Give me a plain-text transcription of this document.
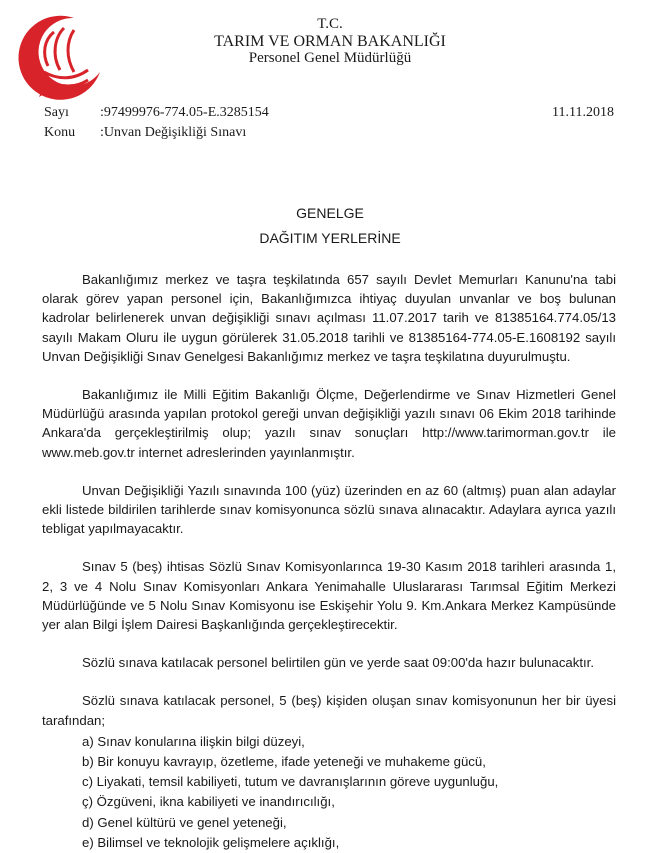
T.C.
TARIM VE ORMAN BAKANLIĞI
Personel Genel Müdürlüğü
Sayı	:97499976-774.05-E.3285154	11.11.2018
Konu	:Unvan Değişikliği Sınavı
GENELGE
DAĞITIM YERLERİNE

Bakanlığımız merkez ve taşra teşkilatında 657 sayılı Devlet Memurları Kanunu'na tabi olarak görev yapan personel için, Bakanlığımızca ihtiyaç duyulan unvanlar ve boş bulunan kadrolar belirlenerek unvan değişikliği sınavı açılması 11.07.2017 tarih ve 81385164.774.05/13 sayılı Makam Oluru ile uygun görülerek 31.05.2018 tarihli ve 81385164-774.05-E.1608192 sayılı Unvan Değişikliği Sınav Genelgesi Bakanlığımız merkez ve taşra teşkilatına duyurulmuştu.

Bakanlığımız ile Milli Eğitim Bakanlığı Ölçme, Değerlendirme ve Sınav Hizmetleri Genel Müdürlüğü arasında yapılan protokol gereği unvan değişikliği yazılı sınavı 06 Ekim 2018 tarihinde Ankara'da gerçekleştirilmiş olup; yazılı sınav sonuçları http://www.tarimorman.gov.tr ile www.meb.gov.tr internet adreslerinden yayınlanmıştır.

Unvan Değişikliği Yazılı sınavında 100 (yüz) üzerinden en az 60 (altmış) puan alan adaylar ekli listede bildirilen tarihlerde sınav komisyonunca sözlü sınava alınacaktır. Adaylara ayrıca yazılı tebligat yapılmayacaktır.

Sınav 5 (beş) ihtisas Sözlü Sınav Komisyonlarınca 19-30 Kasım 2018 tarihleri arasında 1, 2, 3 ve 4 Nolu Sınav Komisyonları Ankara Yenimahalle Uluslararası Tarımsal Eğitim Merkezi Müdürlüğünde ve 5 Nolu Sınav Komisyonu ise Eskişehir Yolu 9. Km.Ankara Merkez Kampüsünde yer alan Bilgi İşlem Dairesi Başkanlığında gerçekleştirecektir.

Sözlü sınava katılacak personel belirtilen gün ve yerde saat 09:00'da hazır bulunacaktır.

Sözlü sınava katılacak personel, 5 (beş) kişiden oluşan sınav komisyonunun her bir üyesi tarafından;

a) Sınav konularına ilişkin bilgi düzeyi,
b) Bir konuyu kavrayıp, özetleme, ifade yeteneği ve muhakeme gücü,
c) Liyakati, temsil kabiliyeti, tutum ve davranışlarının göreve uygunluğu,
ç) Özgüveni, ikna kabiliyeti ve inandırıcılığı,
d) Genel kültürü ve genel yeteneği,
e) Bilimsel ve teknolojik gelişmelere açıklığı,
